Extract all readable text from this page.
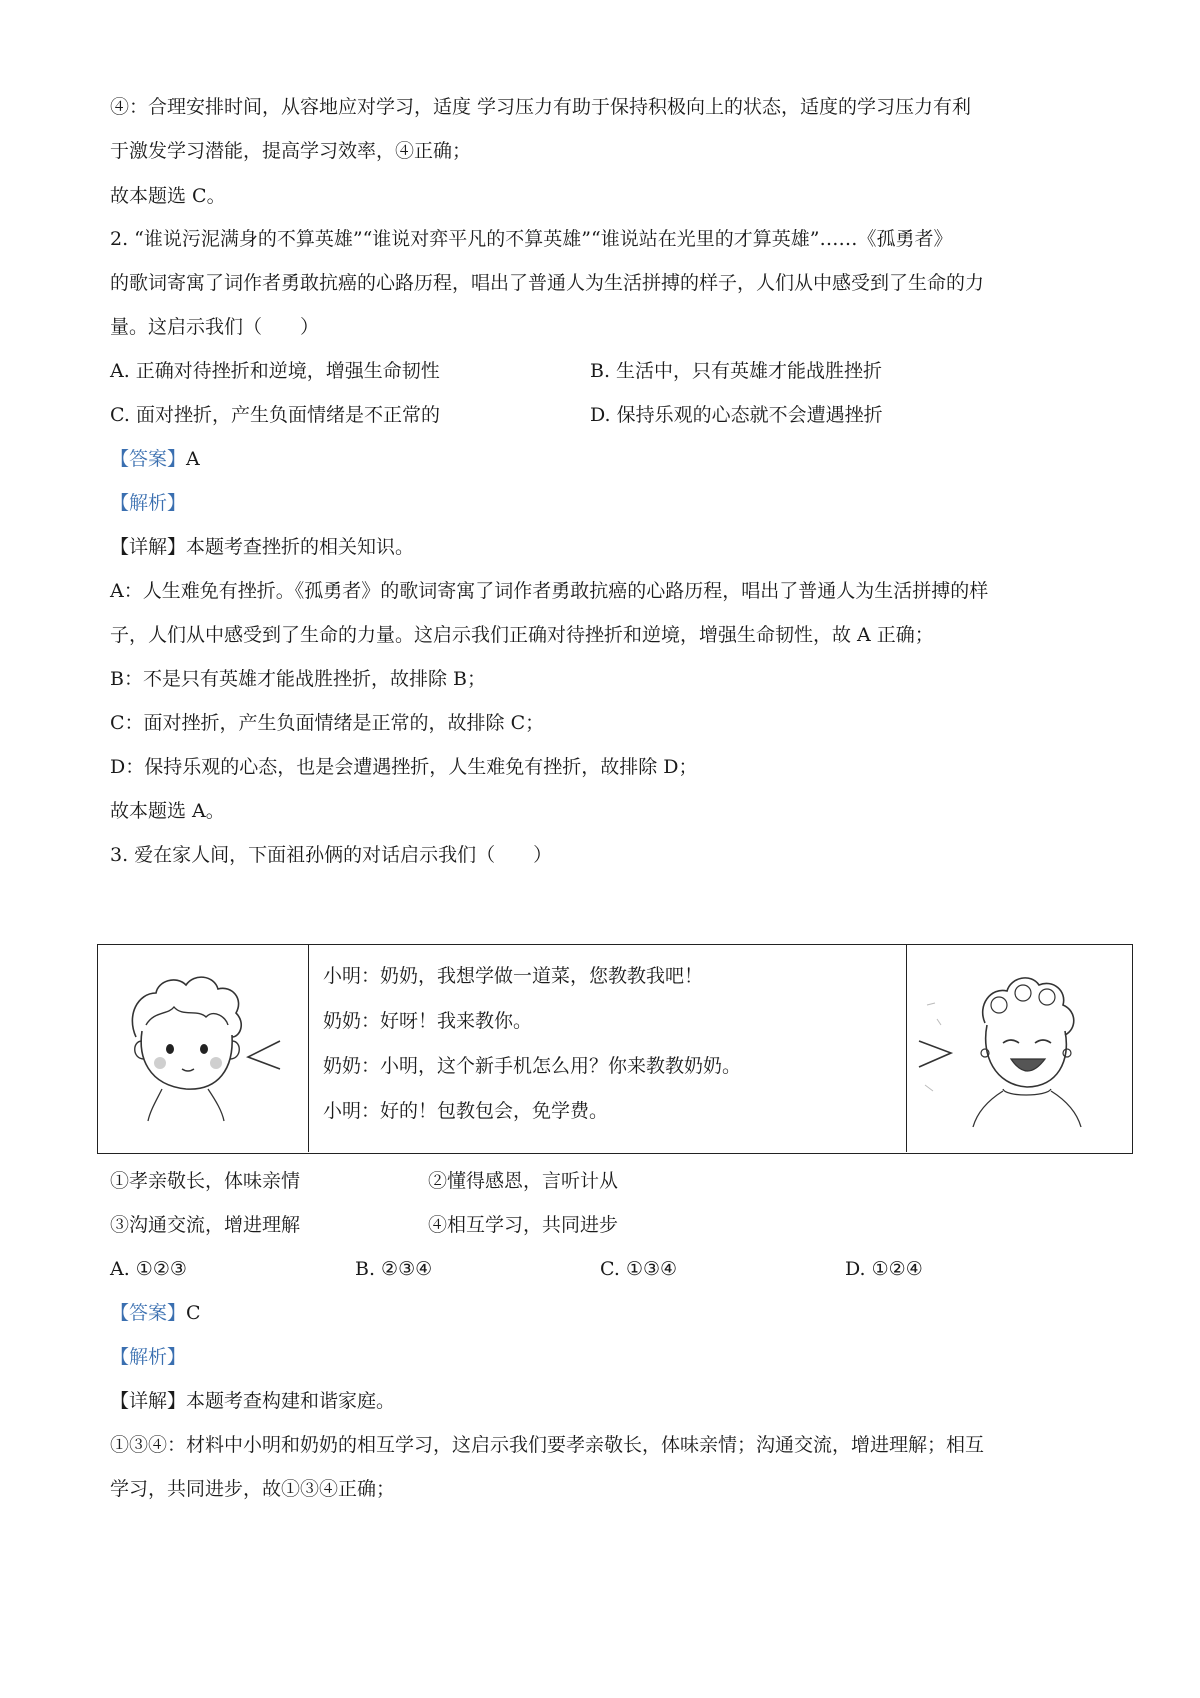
④：合理安排时间，从容地应对学习，适度 学习压力有助于保持积极向上的状态，适度的学习压力有利
于激发学习潜能，提高学习效率，④正确；
故本题选 C。
2. “谁说污泥满身的不算英雄”“谁说对弈平凡的不算英雄”“谁说站在光里的才算英雄”……《孤勇者》
的歌词寄寓了词作者勇敢抗癌的心路历程，唱出了普通人为生活拼搏的样子，人们从中感受到了生命的力
量。这启示我们（　　）
A. 正确对待挫折和逆境，增强生命韧性	B. 生活中，只有英雄才能战胜挫折
C. 面对挫折，产生负面情绪是不正常的	D. 保持乐观的心态就不会遭遇挫折
【答案】A
【解析】
【详解】本题考查挫折的相关知识。
A：人生难免有挫折。《孤勇者》的歌词寄寓了词作者勇敢抗癌的心路历程，唱出了普通人为生活拼搏的样
子，人们从中感受到了生命的力量。这启示我们正确对待挫折和逆境，增强生命韧性，故 A 正确；
B：不是只有英雄才能战胜挫折，故排除 B；
C：面对挫折，产生负面情绪是正常的，故排除 C；
D：保持乐观的心态，也是会遭遇挫折，人生难免有挫折，故排除 D；
故本题选 A。
3. 爱在家人间，下面祖孙俩的对话启示我们（　　）
小明：奶奶，我想学做一道菜，您教教我吧！
奶奶：好呀！我来教你。
奶奶：小明，这个新手机怎么用？你来教教奶奶。
小明：好的！包教包会，免学费。
①孝亲敬长，体味亲情	②懂得感恩，言听计从
③沟通交流，增进理解	④相互学习，共同进步
A. ①②③	B. ②③④	C. ①③④	D. ①②④
【答案】C
【解析】
【详解】本题考查构建和谐家庭。
①③④：材料中小明和奶奶的相互学习，这启示我们要孝亲敬长，体味亲情；沟通交流，增进理解；相互
学习，共同进步，故①③④正确；
